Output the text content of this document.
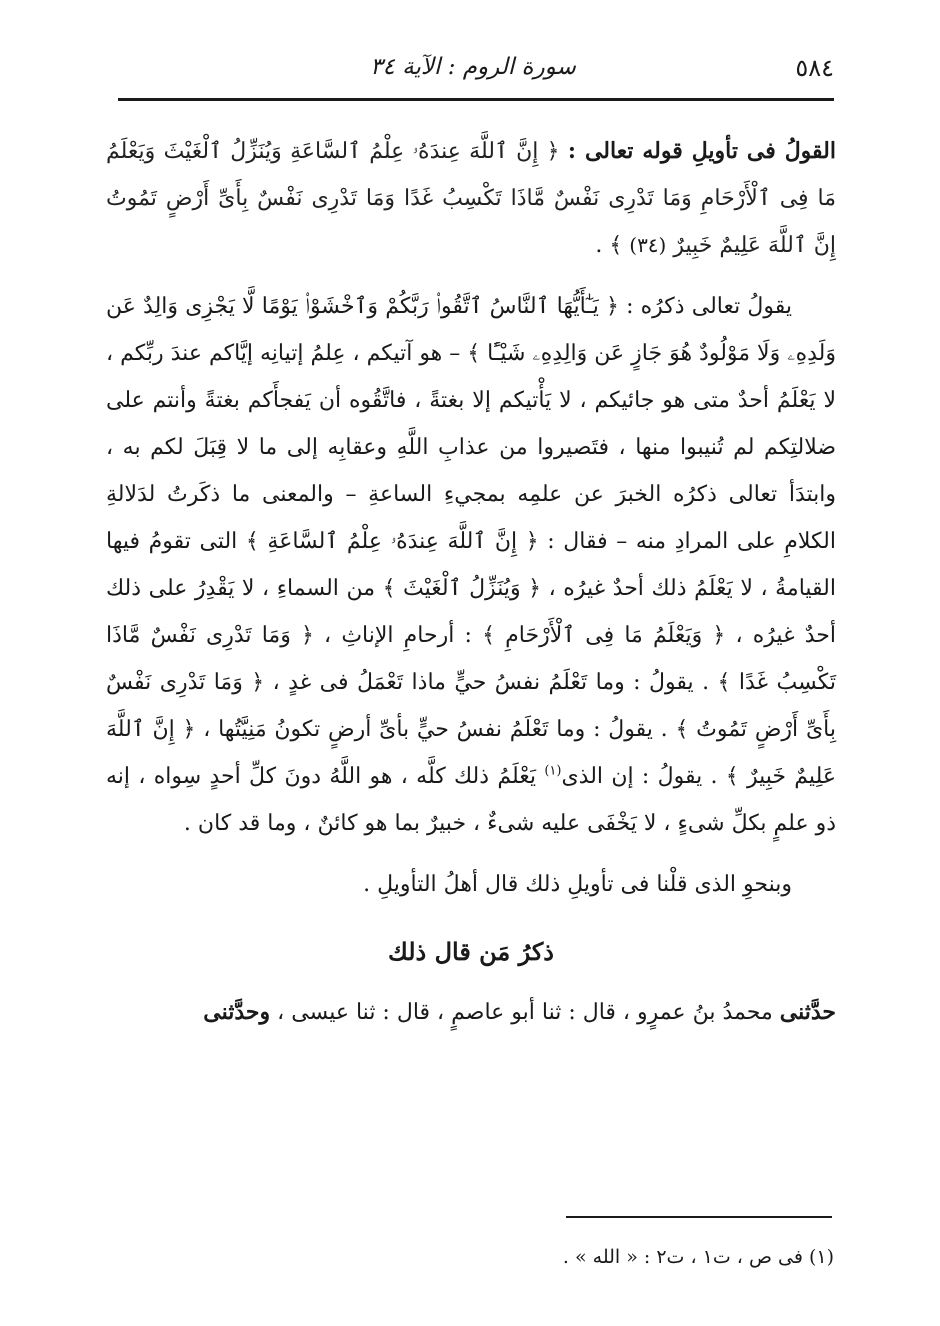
٥٨٤
سورة الروم : الآية ٣٤

القولُ فى تأويلِ قوله تعالى : ﴿ إِنَّ ٱللَّهَ عِندَهُۥ عِلْمُ ٱلسَّاعَةِ وَيُنَزِّلُ ٱلْغَيْثَ وَيَعْلَمُ مَا فِى ٱلْأَرْحَامِ وَمَا تَدْرِى نَفْسٌ مَّاذَا تَكْسِبُ غَدًا وَمَا تَدْرِى نَفْسٌ بِأَىِّ أَرْضٍ تَمُوتُ إِنَّ ٱللَّهَ عَلِيمٌ خَبِيرٌ (٣٤) ﴾ .

يقولُ تعالى ذكرُه : ﴿ يَـٰٓأَيُّهَا ٱلنَّاسُ ٱتَّقُوا۟ رَبَّكُمْ وَٱخْشَوْا۟ يَوْمًا لَّا يَجْزِى وَالِدٌ عَن وَلَدِهِۦ وَلَا مَوْلُودٌ هُوَ جَازٍ عَن وَالِدِهِۦ شَيْـًٔا ﴾ – هو آتيكم ، عِلمُ إتيانِه إيَّاكم عندَ ربِّكم ، لا يَعْلَمُ أحدٌ متى هو جائيكم ، لا يَأْتيكم إلا بغتةً ، فاتَّقُوه أن يَفجأَكم بغتةً وأنتم على ضلالتِكم لم تُنيبوا منها ، فتَصيروا من عذابِ اللَّهِ وعقابِه إلى ما لا قِبَلَ لكم به ، وابتدَأ تعالى ذكرُه الخبرَ عن علمِه بمجيءِ الساعةِ – والمعنى ما ذكَرتُ لدَلالةِ الكلامِ على المرادِ منه – فقال : ﴿ إِنَّ ٱللَّهَ عِندَهُۥ عِلْمُ ٱلسَّاعَةِ ﴾ التى تقومُ فيها القيامةُ ، لا يَعْلَمُ ذلك أحدٌ غيرُه ، ﴿ وَيُنَزِّلُ ٱلْغَيْثَ ﴾ من السماءِ ، لا يَقْدِرُ على ذلك أحدٌ غيرُه ، ﴿ وَيَعْلَمُ مَا فِى ٱلْأَرْحَامِ ﴾ : أرحامِ الإناثِ ، ﴿ وَمَا تَدْرِى نَفْسٌ مَّاذَا تَكْسِبُ غَدًا ﴾ . يقولُ : وما تَعْلَمُ نفسُ حيٍّ ماذا تَعْمَلُ فى غدٍ ، ﴿ وَمَا تَدْرِى نَفْسٌ بِأَىِّ أَرْضٍ تَمُوتُ ﴾ . يقولُ : وما تَعْلَمُ نفسُ حيٍّ بأىِّ أرضٍ تكونُ مَنِيَّتُها ، ﴿ إِنَّ ٱللَّهَ عَلِيمٌ خَبِيرٌ ﴾ . يقولُ : إن الذى$^{(١)}$ يَعْلَمُ ذلك كلَّه ، هو اللَّهُ دونَ كلِّ أحدٍ سِواه ، إنه ذو علمٍ بكلِّ شىءٍ ، لا يَخْفَى عليه شىءٌ ، خبيرٌ بما هو كائنٌ ، وما قد كان .

وبنحوِ الذى قلْنا فى تأويلِ ذلك قال أهلُ التأويلِ .

ذكرُ مَن قال ذلك

حدَّثنى محمدُ بنُ عمرٍو ، قال : ثنا أبو عاصمٍ ، قال : ثنا عيسى ، وحدَّثنى

(١) فى ص ، ت١ ، ت٢ : « الله » .
